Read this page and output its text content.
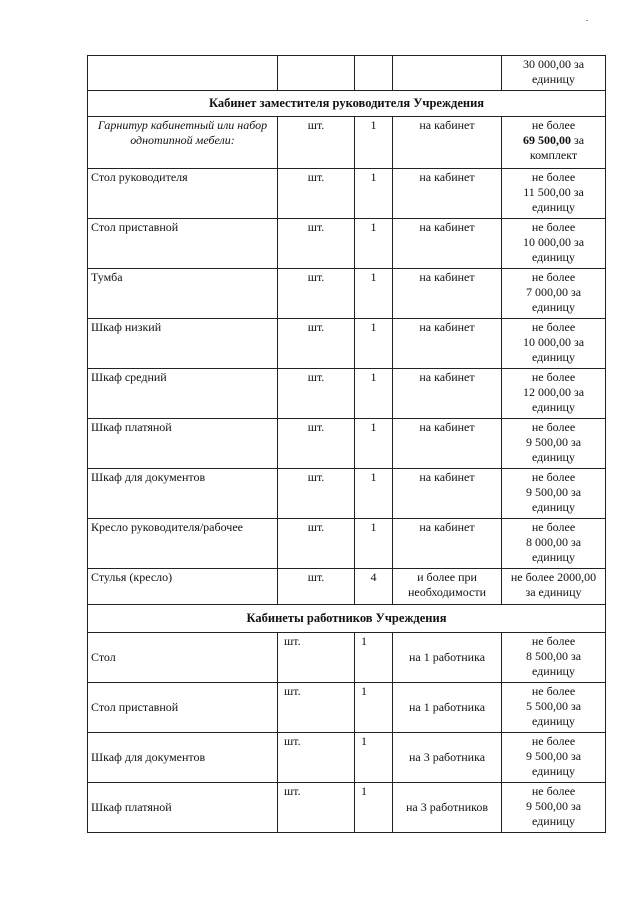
				30 000,00 за
единицу

Кабинет заместителя руководителя Учреждения				

Гарнитур кабинетный или набор
однотипной мебели:	шт.	1	на кабинет	не более
69 500,00 за
комплект

Стол руководителя	шт.	1	на кабинет	не более
11 500,00 за
единицу

Стол приставной	шт.	1	на кабинет	не более
10 000,00 за
единицу

Тумба	шт.	1	на кабинет	не более
7 000,00 за
единицу

Шкаф низкий	шт.	1	на кабинет	не более
10 000,00 за
единицу

Шкаф средний	шт.	1	на кабинет	не более
12 000,00 за
единицу

Шкаф платяной	шт.	1	на кабинет	не более
9 500,00 за
единицу

Шкаф для документов	шт.	1	на кабинет	не более
9 500,00 за
единицу

Кресло руководителя/рабочее	шт.	1	на кабинет	не более
8 000,00 за
единицу

Стулья (кресло)	шт.	4	и более при
необходимости	не более 2000,00
за единицу

Кабинеты работников Учреждения				
Стол	шт.	1	на 1 работника	не более
8 500,00 за
единицу

Стол приставной	шт.	1	на 1 работника	не более
5 500,00 за
единицу

Шкаф для документов	шт.	1	на 3 работника	не более
9 500,00 за
единицу

Шкаф платяной	шт.	1	на 3 работников	не более
9 500,00 за
единицу
